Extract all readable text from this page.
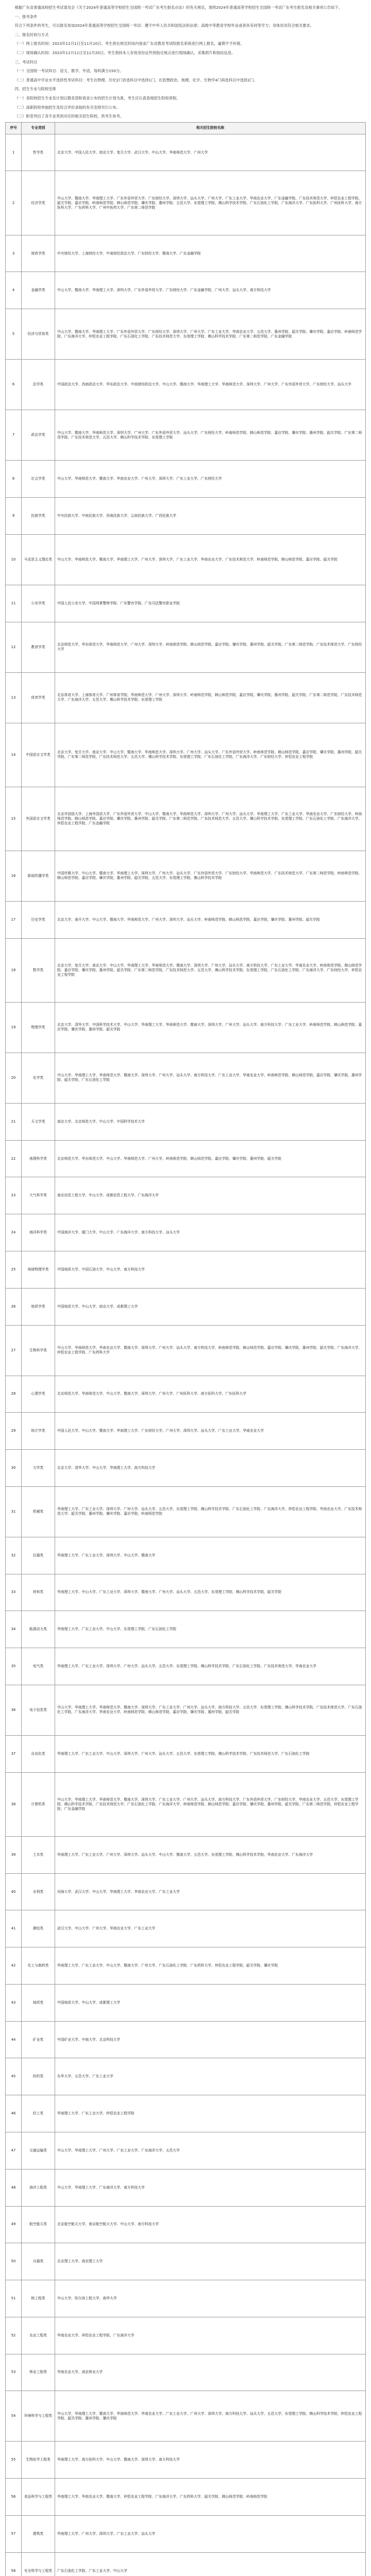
根据广东省普通高校招生考试委员会《关于2024年普通高等学校招生全国统一考试广东考生报名办法》的有关规定，现将2024年普通高等学校招生全国统一考试广东考生报名及相关事项公告如下。

一、报考条件

符合下列条件的考生，可以报名参加2024年普通高等学校招生全国统一考试：遵守中华人民共和国宪法和法律；高级中等教育学校毕业或者具有同等学力；身体状况符合相关要求。

二、报名时间与方式

（一）网上报名时间：2023年11月1日至11月10日。考生须在规定时间内登录广东省教育考试院报名系统进行网上报名，逾期不予补报。

（二）现场确认时间：2023年11月11日至11月20日。考生须持本人有效身份证件到指定地点进行现场确认，采集照片和指纹信息。

三、考试科目

（一）全国统一考试科目：语文、数学、外语，每科满分150分。

（二）普通高中学业水平选择性考试科目：考生在物理、历史2门首选科目中选择1门，在思想政治、地理、化学、生物学4门再选科目中选择2门。

四、招生专业与院校安排

（一）各院校招生专业及计划以教育部和我省公布的招生计划为准，考生应认真查阅招生院校章程。

（二）高职院校单独招生及综合评价录取的有关安排另行公布。

（三）附表列出了各专业类别对应的相关招生院校，供考生参考。

序号	专业类别	相关招生院校名称
1	哲学类	北京大学、中国人民大学、南京大学、复旦大学、武汉大学、中山大学、华南师范大学、广州大学
2	经济学类	中山大学、暨南大学、华南理工大学、广东外语外贸大学、广东财经大学、深圳大学、汕头大学、广州大学、广东工业大学、华南农业大学、广东金融学院、广东技术师范大学、仲恺农业工程学院、韶关学院、嘉应学院、岭南师范学院、韩山师范学院、肇庆学院、惠州学院、五邑大学、东莞理工学院、佛山科学技术学院、广东石油化工学院、广东海洋大学、广东医科大学、广州医科大学、南方医科大学、广东药科大学、广州中医药大学、广东第二师范学院
3	财政学类	中央财经大学、上海财经大学、中南财经政法大学、广东财经大学、暨南大学、广东金融学院
4	金融学类	中山大学、暨南大学、华南理工大学、深圳大学、广东外语外贸大学、广东财经大学、广东金融学院、广州大学、汕头大学、南方科技大学
5	经济与贸易类	中山大学、暨南大学、华南理工大学、广东外语外贸大学、广东财经大学、深圳大学、广州大学、广东工业大学、华南农业大学、五邑大学、惠州学院、韶关学院、肇庆学院、嘉应学院、岭南师范学院、广东海洋大学、仲恺农业工程学院、广东石油化工学院、广东技术师范大学、东莞理工学院、佛山科学技术学院、广东第二师范学院、广东金融学院
6	法学类	中国政法大学、西南政法大学、华东政法大学、中南财经政法大学、中山大学、暨南大学、华南理工大学、华南师范大学、深圳大学、广州大学、广东外语外贸大学、广东财经大学、汕头大学
7	政治学类	中山大学、暨南大学、华南师范大学、深圳大学、广州大学、广东外语外贸大学、汕头大学、广东财经大学、岭南师范学院、韩山师范学院、嘉应学院、肇庆学院、惠州学院、韶关学院、广东第二师范学院、广东技术师范大学、五邑大学、佛山科学技术学院、东莞理工学院
8	社会学类	中山大学、华南师范大学、暨南大学、华南农业大学、广州大学、深圳大学、广东工业大学、广东财经大学
9	民族学类	中央民族大学、中南民族大学、西南民族大学、云南民族大学、广西民族大学
10	马克思主义理论类	中山大学、华南师范大学、暨南大学、华南理工大学、广州大学、深圳大学、广东工业大学、华南农业大学、广东技术师范大学、岭南师范学院、韩山师范学院、嘉应学院、韶关学院
11	公安学类	中国人民公安大学、中国刑事警察学院、广东警官学院、广东司法警官职业学院
12	教育学类	北京师范大学、华东师范大学、华南师范大学、广州大学、深圳大学、岭南师范学院、韩山师范学院、嘉应学院、肇庆学院、惠州学院、韶关学院、广东第二师范学院、广东技术师范大学、广东财经大学
13	体育学类	北京体育大学、上海体育大学、广州体育学院、华南师范大学、广州大学、深圳大学、岭南师范学院、韩山师范学院、嘉应学院、肇庆学院、惠州学院、韶关学院、广东第二师范学院、广东技术师范大学、广东海洋大学、五邑大学、佛山科学技术学院、东莞理工学院
14	中国语言文学类	北京大学、复旦大学、南京大学、中山大学、暨南大学、华南师范大学、深圳大学、广州大学、汕头大学、广东外语外贸大学、岭南师范学院、韩山师范学院、嘉应学院、肇庆学院、惠州学院、韶关学院、广东第二师范学院、广东技术师范大学、五邑大学、佛山科学技术学院、东莞理工学院、广东石油化工学院、广东海洋大学、广东财经大学、仲恺农业工程学院
15	外国语言文学类	北京外国语大学、上海外国语大学、广东外语外贸大学、中山大学、暨南大学、华南师范大学、深圳大学、广州大学、汕头大学、华南理工大学、广东工业大学、华南农业大学、广东财经大学、岭南师范学院、韩山师范学院、嘉应学院、肇庆学院、惠州学院、韶关学院、广东第二师范学院、广东技术师范大学、五邑大学、佛山科学技术学院、东莞理工学院、广东石油化工学院、广东海洋大学、仲恺农业工程学院、广东金融学院
16	新闻传播学类	中国传媒大学、中山大学、暨南大学、华南理工大学、深圳大学、广州大学、汕头大学、广东外语外贸大学、广东财经大学、华南师范大学、广东技术师范大学、广东第二师范学院、岭南师范学院、韩山师范学院、嘉应学院、肇庆学院、惠州学院、韶关学院、五邑大学、东莞理工学院、佛山科学技术学院
17	历史学类	北京大学、南开大学、中山大学、暨南大学、华南师范大学、广州大学、深圳大学、汕头大学、岭南师范学院、韩山师范学院、嘉应学院、肇庆学院、惠州学院、韶关学院
18	数学类	北京大学、复旦大学、南京大学、中山大学、华南理工大学、华南师范大学、暨南大学、深圳大学、广州大学、汕头大学、南方科技大学、广东工业大学、华南农业大学、岭南师范学院、韩山师范学院、嘉应学院、肇庆学院、惠州学院、韶关学院、广东第二师范学院、广东技术师范大学、五邑大学、佛山科学技术学院、东莞理工学院、广东石油化工学院、广东海洋大学、广东财经大学、仲恺农业工程学院
19	物理学类	北京大学、清华大学、中国科学技术大学、中山大学、华南理工大学、华南师范大学、暨南大学、深圳大学、广州大学、汕头大学、南方科技大学、广东工业大学、岭南师范学院、韩山师范学院、嘉应学院、肇庆学院、惠州学院、韶关学院
20	化学类	中山大学、华南理工大学、华南师范大学、暨南大学、深圳大学、广州大学、汕头大学、南方科技大学、广东工业大学、华南农业大学、岭南师范学院、韩山师范学院、嘉应学院、肇庆学院、惠州学院、韶关学院、广东石油化工学院
21	天文学类	南京大学、北京师范大学、中山大学、中国科学技术大学
22	地理科学类	北京师范大学、华东师范大学、中山大学、华南师范大学、广州大学、岭南师范学院、韩山师范学院、嘉应学院、肇庆学院、惠州学院、韶关学院
23	大气科学类	南京信息工程大学、中山大学、成都信息工程大学、广东海洋大学
24	海洋科学类	中国海洋大学、厦门大学、中山大学、广东海洋大学、南方科技大学、汕头大学
25	地球物理学类	中国地质大学、中国石油大学、中山大学、南方科技大学
26	地质学类	中国地质大学、中山大学、南京大学、成都理工大学
27	生物科学类	中山大学、华南师范大学、华南农业大学、暨南大学、深圳大学、广州大学、汕头大学、南方科技大学、岭南师范学院、韩山师范学院、嘉应学院、肇庆学院、惠州学院、韶关学院、广东海洋大学、仲恺农业工程学院、广东药科大学
28	心理学类	北京师范大学、华南师范大学、中山大学、暨南大学、深圳大学、广州大学、广州医科大学、南方医科大学、广东医科大学
29	统计学类	中国人民大学、中山大学、暨南大学、华南理工大学、广东财经大学、广州大学、深圳大学、汕头大学、广东工业大学、华南农业大学
30	力学类	北京大学、清华大学、中山大学、华南理工大学、南方科技大学
31	机械类	华南理工大学、广东工业大学、深圳大学、广州大学、汕头大学、五邑大学、东莞理工学院、佛山科学技术学院、广东石油化工学院、广东海洋大学、仲恺农业工程学院、华南农业大学、广东技术师范大学、韶关学院、惠州学院、肇庆学院、嘉应学院、岭南师范学院
32	仪器类	华南理工大学、广东工业大学、深圳大学、中山大学、暨南大学
33	材料类	华南理工大学、中山大学、广东工业大学、深圳大学、暨南大学、广州大学、汕头大学、五邑大学、东莞理工学院、佛山科学技术学院、韶关学院
34	能源动力类	华南理工大学、广东工业大学、中山大学、东莞理工学院、广东石油化工学院
35	电气类	华南理工大学、广东工业大学、深圳大学、广州大学、汕头大学、五邑大学、东莞理工学院、佛山科学技术学院、广东石油化工学院、广东技术师范大学、华南农业大学
36	电子信息类	中山大学、华南理工大学、华南师范大学、暨南大学、深圳大学、广东工业大学、广州大学、汕头大学、南方科技大学、五邑大学、东莞理工学院、佛山科学技术学院、广东技术师范大学、广东石油化工学院、广东海洋大学、华南农业大学、岭南师范学院、韩山师范学院、嘉应学院、肇庆学院、惠州学院、韶关学院
37	自动化类	华南理工大学、广东工业大学、中山大学、深圳大学、广州大学、汕头大学、五邑大学、东莞理工学院、佛山科学技术学院、广东技术师范大学、广东石油化工学院
38	计算机类	中山大学、华南理工大学、华南师范大学、暨南大学、深圳大学、广东工业大学、广州大学、汕头大学、南方科技大学、广东外语外贸大学、广东财经大学、华南农业大学、五邑大学、东莞理工学院、佛山科学技术学院、广东技术师范大学、广东石油化工学院、广东海洋大学、岭南师范学院、韩山师范学院、嘉应学院、肇庆学院、惠州学院、韶关学院、广东第二师范学院、仲恺农业工程学院、广东金融学院
39	土木类	华南理工大学、广东工业大学、广州大学、深圳大学、汕头大学、中山大学、暨南大学、五邑大学、东莞理工学院、佛山科学技术学院、华南农业大学、广东海洋大学
40	水利类	河海大学、武汉大学、中山大学、华南理工大学、华南农业大学、广东工业大学
41	测绘类	武汉大学、中山大学、广州大学、华南农业大学、广东工业大学
42	化工与制药类	华南理工大学、广东工业大学、中山大学、暨南大学、广州大学、广东石油化工学院、广东药科大学、仲恺农业工程学院、韶关学院、肇庆学院
43	地质类	中国地质大学、中山大学、成都理工大学
44	矿业类	中国矿业大学、中南大学、北京科技大学
45	纺织类	东华大学、五邑大学、广东工业大学
46	轻工类	华南理工大学、广东工业大学、仲恺农业工程学院
47	交通运输类	中山大学、华南理工大学、广州大学、广东工业大学、广东海洋大学、五邑大学
48	海洋工程类	中山大学、华南理工大学、广东海洋大学、南方科技大学
49	航空航天类	北京航空航天大学、南京航空航天大学、中山大学、南方科技大学
50	兵器类	北京理工大学、南京理工大学
51	核工程类	中山大学、哈尔滨工程大学、南华大学
52	农业工程类	华南农业大学、仲恺农业工程学院、广东海洋大学
53	林业工程类	华南农业大学、南京林业大学
54	环境科学与工程类	中山大学、华南理工大学、暨南大学、华南师范大学、华南农业大学、广东工业大学、广州大学、深圳大学、南方科技大学、汕头大学、五邑大学、东莞理工学院、佛山科学技术学院、仲恺农业工程学院、韶关学院、惠州学院、肇庆学院
55	生物医学工程类	华南理工大学、南方医科大学、中山大学、暨南大学、深圳大学、南方科技大学
56	食品科学与工程类	华南理工大学、华南农业大学、暨南大学、仲恺农业工程学院、广东海洋大学、广东药科大学、韶关学院、韩山师范学院、岭南师范学院
57	建筑类	华南理工大学、广州大学、深圳大学、广东工业大学、汕头大学
58	安全科学与工程类	广东石油化工学院、广东工业大学、中山大学
